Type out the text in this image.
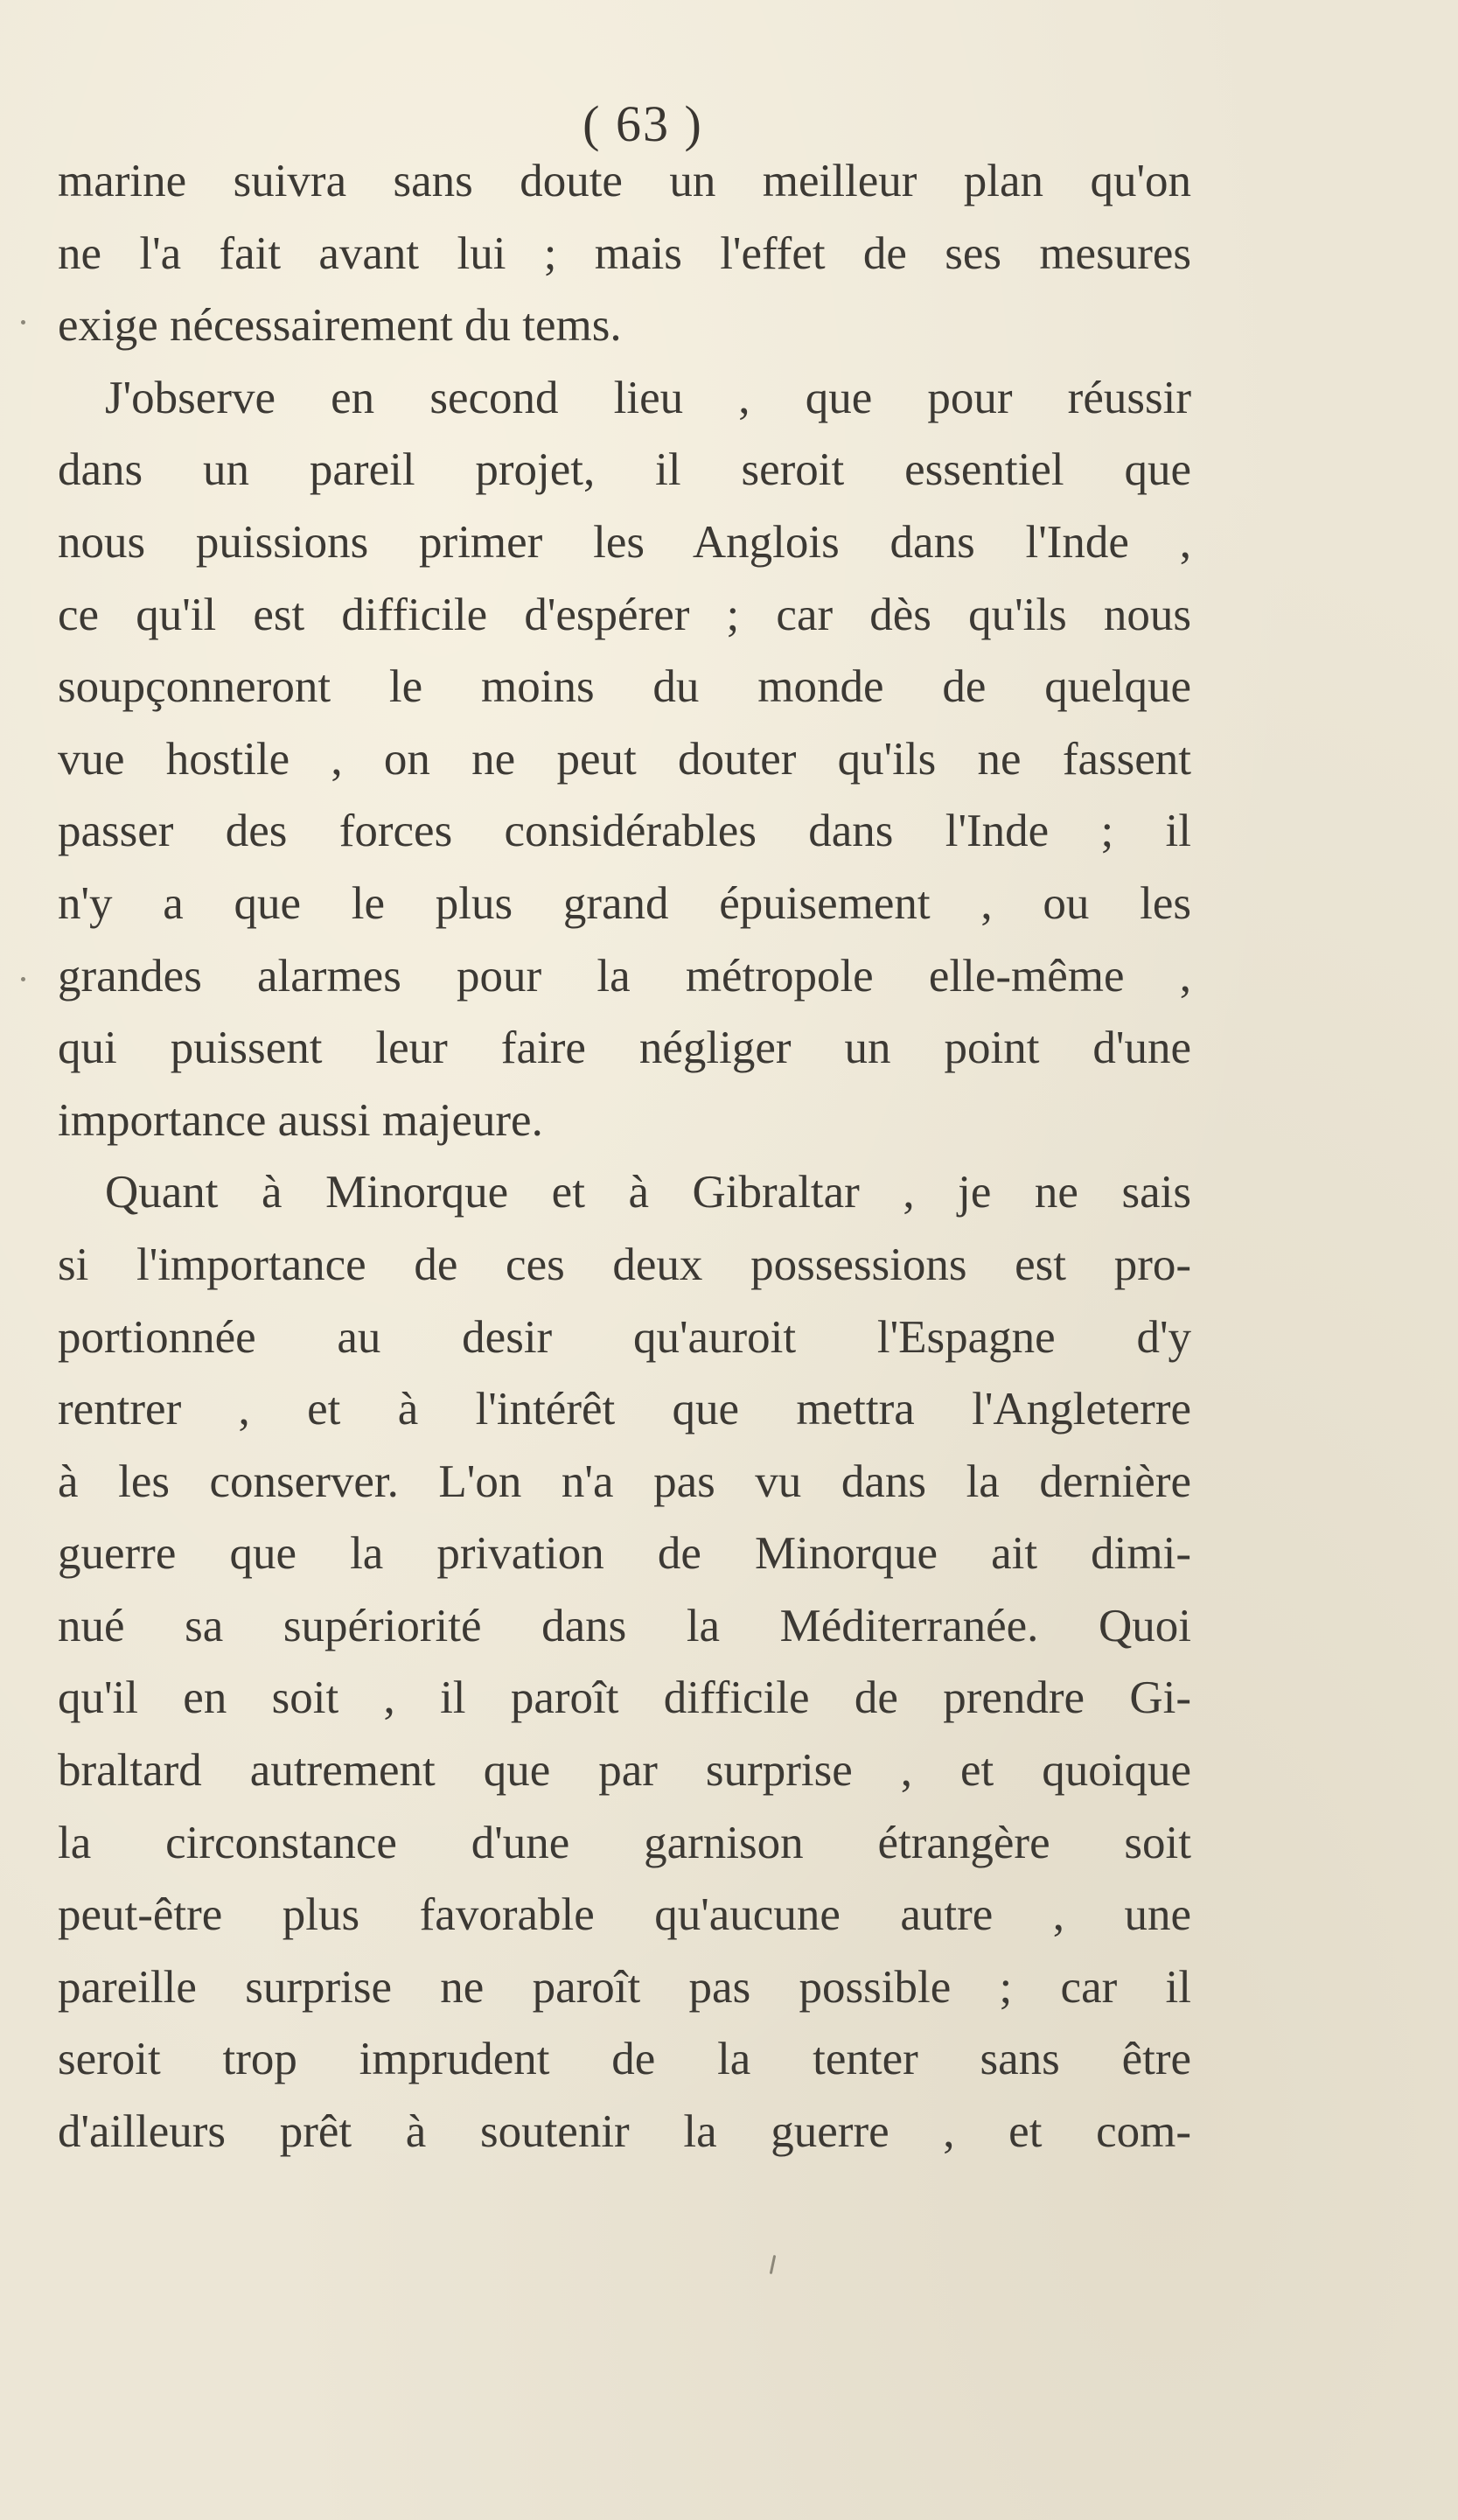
( 63 )
marine suivra sans doute un meilleur plan qu'on
ne l'a fait avant lui ; mais l'effet de ses mesures
exige nécessairement du tems.
J'observe en second lieu , que pour réussir
dans un pareil projet, il seroit essentiel que
nous puissions primer les Anglois dans l'Inde ,
ce qu'il est difficile d'espérer ; car dès qu'ils nous
soupçonneront le moins du monde de quelque
vue hostile , on ne peut douter qu'ils ne fassent
passer des forces considérables dans l'Inde ; il
n'y a que le plus grand épuisement , ou les
grandes alarmes pour la métropole elle-même ,
qui puissent leur faire négliger un point d'une
importance aussi majeure.
Quant à Minorque et à Gibraltar , je ne sais
si l'importance de ces deux possessions est pro-
portionnée au desir qu'auroit l'Espagne d'y
rentrer , et à l'intérêt que mettra l'Angleterre
à les conserver. L'on n'a pas vu dans la dernière
guerre que la privation de Minorque ait dimi-
nué sa supériorité dans la Méditerranée. Quoi
qu'il en soit , il paroît difficile de prendre Gi-
braltard autrement que par surprise , et quoique
la circonstance d'une garnison étrangère soit
peut-être plus favorable qu'aucune autre , une
pareille surprise ne paroît pas possible ; car il
seroit trop imprudent de la tenter sans être
d'ailleurs prêt à soutenir la guerre , et com-
